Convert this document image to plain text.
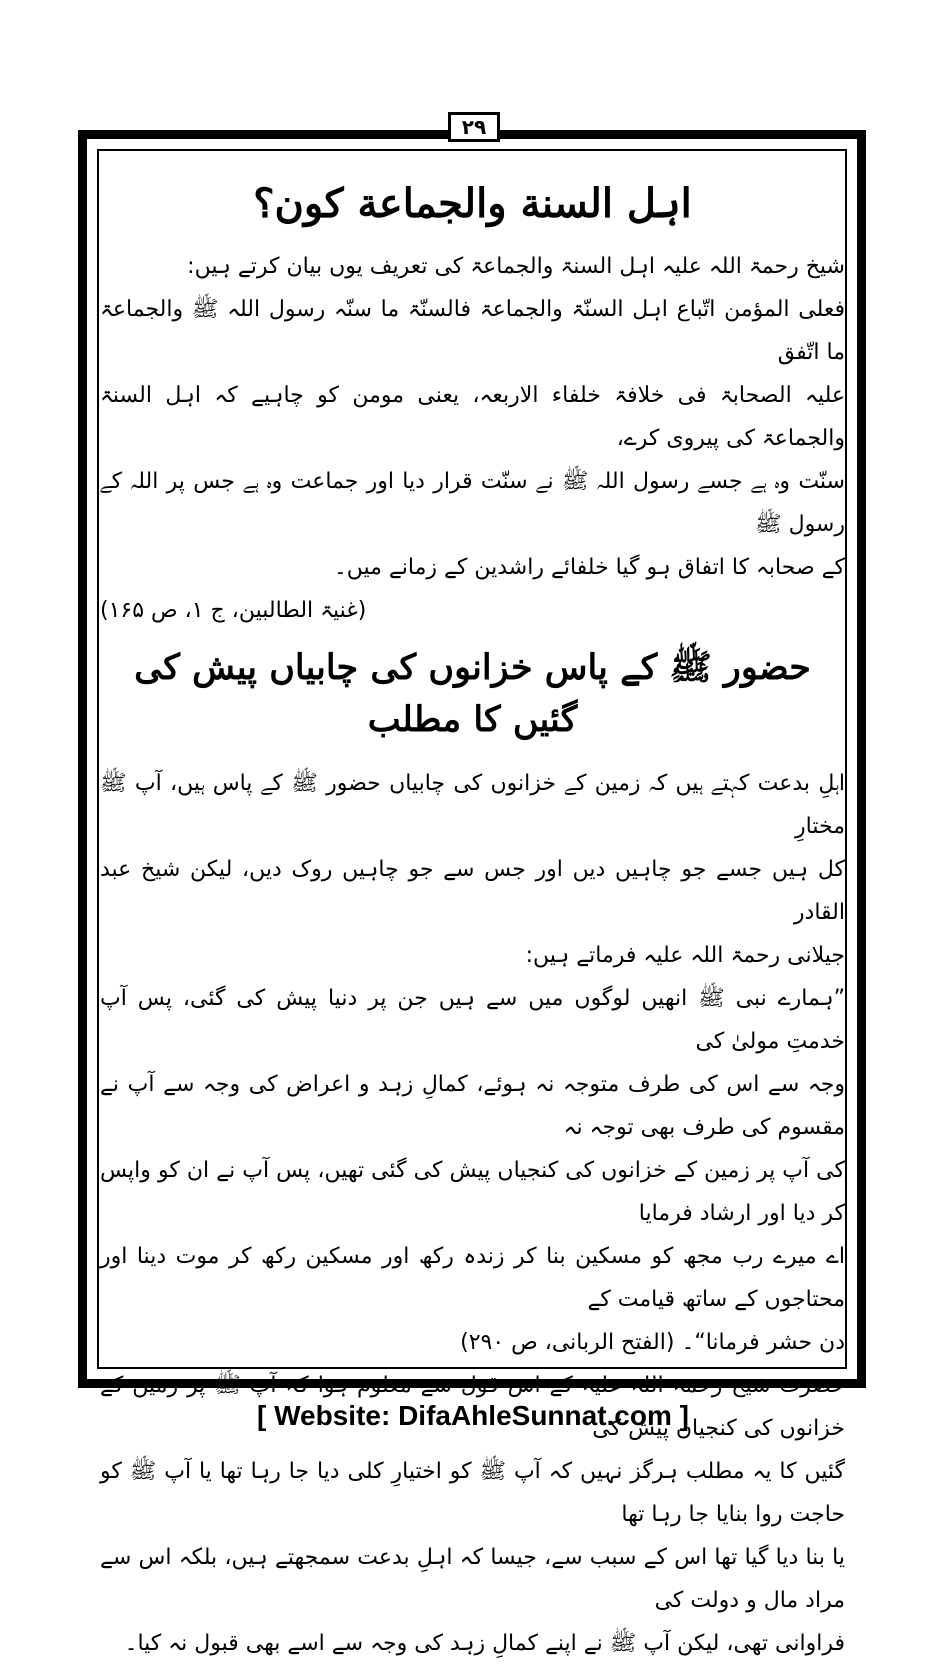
٢٩
اہل السنة والجماعة کون؟

شیخ رحمۃ اللہ علیہ اہل السنۃ والجماعۃ کی تعریف یوں بیان کرتے ہیں:

فعلی المؤمن اتّباع اہل السنّۃ والجماعۃ فالسنّۃ ما سنّہ رسول اللہ ﷺ والجماعۃ ما اتّفق

علیہ الصحابۃ فی خلافۃ خلفاء الاربعہ، یعنی مومن کو چاہیے کہ اہل السنۃ والجماعۃ کی پیروی کرے،

سنّت وہ ہے جسے رسول اللہ ﷺ نے سنّت قرار دیا اور جماعت وہ ہے جس پر اللہ کے رسول ﷺ

کے صحابہ کا اتفاق ہو گیا خلفائے راشدین کے زمانے میں۔

(غنیۃ الطالبین، ج ۱، ص ۱۶۵)

حضور ﷺ کے پاس خزانوں کی چابیاں پیش کی گئیں کا مطلب

اہلِ بدعت کہتے ہیں کہ زمین کے خزانوں کی چابیاں حضور ﷺ کے پاس ہیں، آپ ﷺ مختارِ

کل ہیں جسے جو چاہیں دیں اور جس سے جو چاہیں روک دیں، لیکن شیخ عبد القادر

جیلانی رحمۃ اللہ علیہ فرماتے ہیں:

”ہمارے نبی ﷺ انھیں لوگوں میں سے ہیں جن پر دنیا پیش کی گئی، پس آپ خدمتِ مولیٰ کی

وجہ سے اس کی طرف متوجہ نہ ہوئے، کمالِ زہد و اعراض کی وجہ سے آپ نے مقسوم کی طرف بھی توجہ نہ

کی آپ پر زمین کے خزانوں کی کنجیاں پیش کی گئی تھیں، پس آپ نے ان کو واپس کر دیا اور ارشاد فرمایا

اے میرے رب مجھ کو مسکین بنا کر زندہ رکھ اور مسکین رکھ کر موت دینا اور محتاجوں کے ساتھ قیامت کے

دن حشر فرمانا“۔ (الفتح الربانی، ص ۲۹۰)

حضرت شیخ رحمۃ اللہ علیہ کے اس قول سے معلوم ہوا کہ آپ ﷺ پر زمین کے خزانوں کی کنجیاں پیش کی

گئیں کا یہ مطلب ہرگز نہیں کہ آپ ﷺ کو اختیارِ کلی دیا جا رہا تھا یا آپ ﷺ کو حاجت روا بنایا جا رہا تھا

یا بنا دیا گیا تھا اس کے سبب سے، جیسا کہ اہلِ بدعت سمجھتے ہیں، بلکہ اس سے مراد مال و دولت کی

فراوانی تھی، لیکن آپ ﷺ نے اپنے کمالِ زہد کی وجہ سے اسے بھی قبول نہ کیا۔

[ Website: DifaAhleSunnat.com ]
